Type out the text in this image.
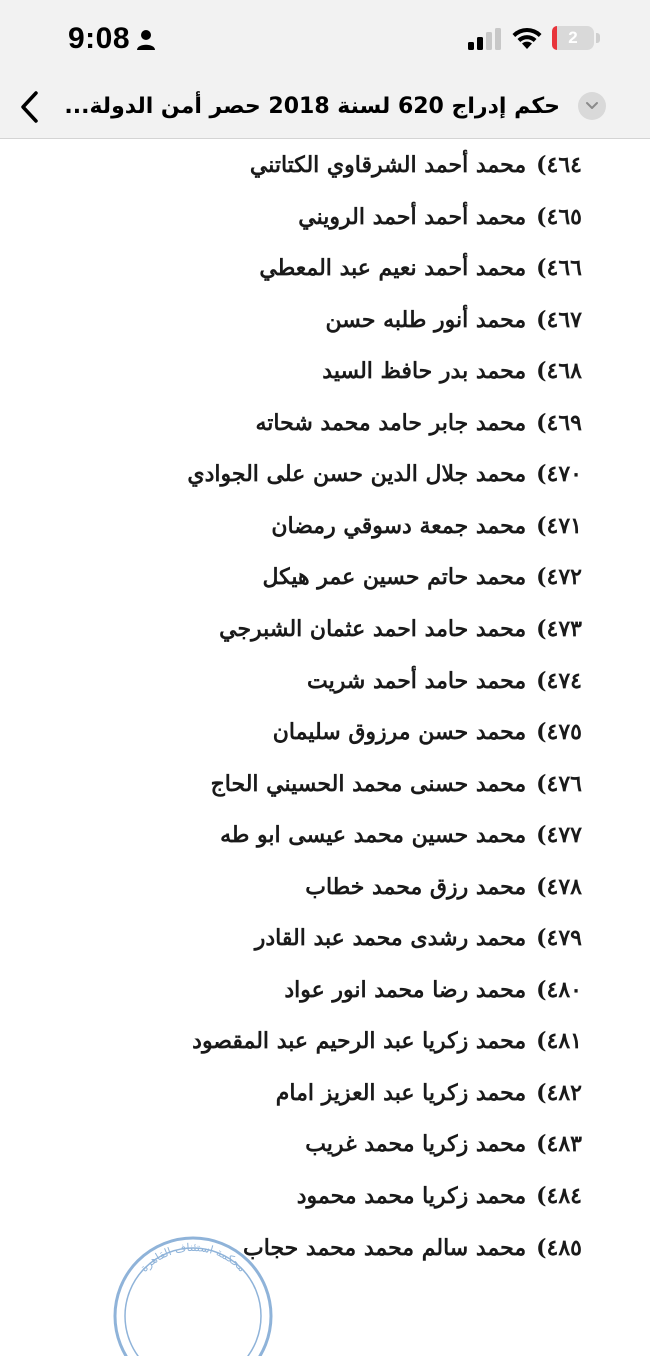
9:08	2
حكم إدراج 620 لسنة 2018 حصر أمن الدولة...
٤٦٤)محمد أحمد الشرقاوي الكتاتني
٤٦٥)محمد أحمد أحمد الرويني
٤٦٦)محمد أحمد نعيم عبد المعطي
٤٦٧)محمد أنور طلبه حسن
٤٦٨)محمد بدر حافظ السيد
٤٦٩)محمد جابر حامد محمد شحاته
٤٧٠)محمد جلال الدين حسن على الجوادي
٤٧١)محمد جمعة دسوقي رمضان
٤٧٢)محمد حاتم حسين عمر هيكل
٤٧٣)محمد حامد احمد عثمان الشبرجي
٤٧٤)محمد حامد أحمد شريت
٤٧٥)محمد حسن مرزوق سليمان
٤٧٦)محمد حسنى محمد الحسيني الحاج
٤٧٧)محمد حسين محمد عيسى ابو طه
٤٧٨)محمد رزق محمد خطاب
٤٧٩)محمد رشدى محمد عبد القادر
٤٨٠)محمد رضا محمد انور عواد
٤٨١)محمد زكريا عبد الرحيم عبد المقصود
٤٨٢)محمد زكريا عبد العزيز امام
٤٨٣)محمد زكريا محمد غريب
٤٨٤)محمد زكريا محمد محمود
٤٨٥)محمد سالم محمد محمد حجاب
محكمة استئناف القاهرة
